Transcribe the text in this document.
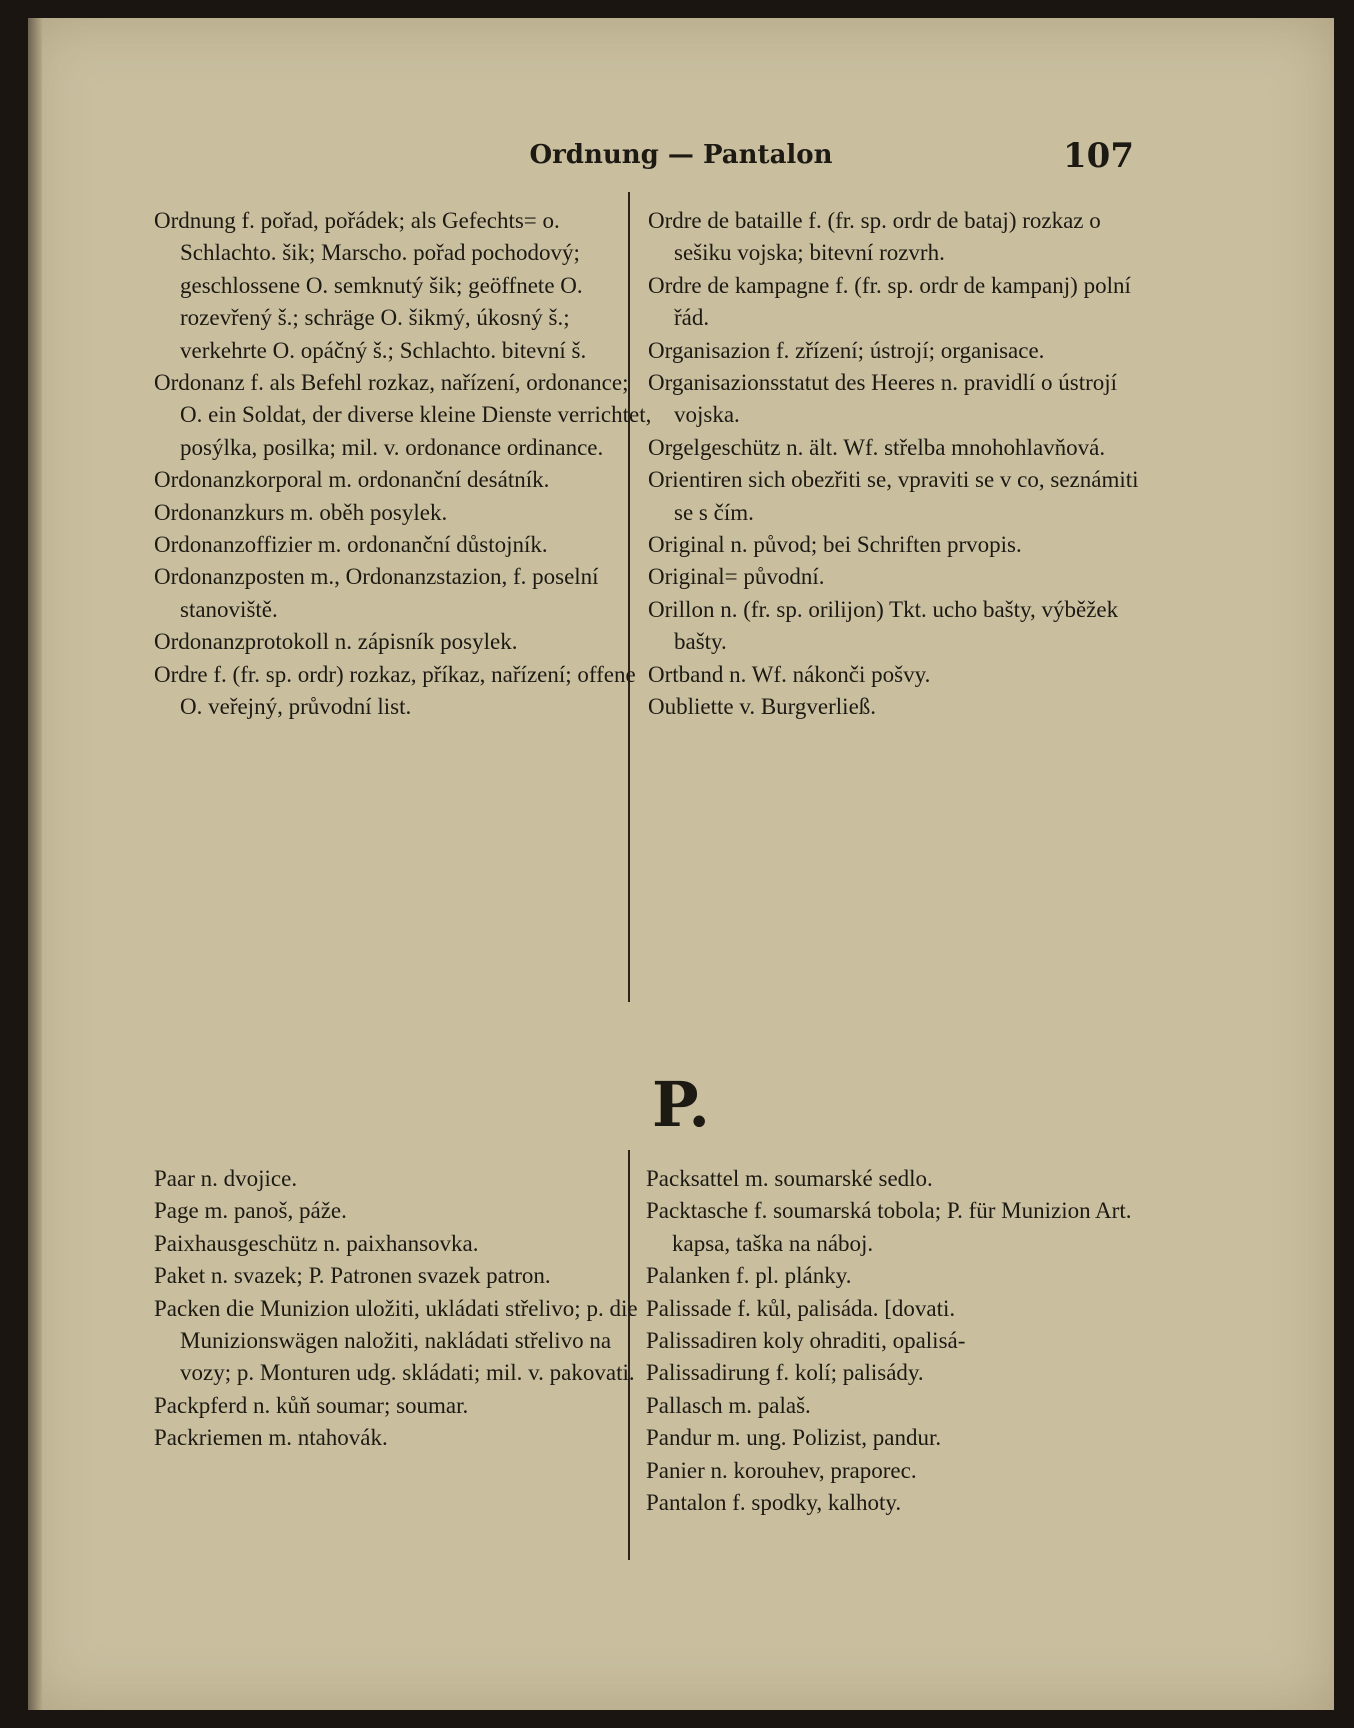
Ordnung — Pantalon	107

Ordnung f. pořad, pořádek; als Gefechts= o. Schlachto. šik; Marscho. pořad pochodový; geschlossene O. semknutý šik; geöffnete O. rozevřený š.; schräge O. šikmý, úkosný š.; verkehrte O. opáčný š.; Schlachto. bitevní š.

Ordonanz f. als Befehl rozkaz, nařízení, ordonance; O. ein Soldat, der diverse kleine Dienste verrichtet, posýlka, posilka; mil. v. ordonance ordinance.

Ordonanzkorporal m. ordonanční desátník.

Ordonanzkurs m. oběh posylek.

Ordonanzoffizier m. ordonanční důstojník.

Ordonanzposten m., Ordonanzstazion, f. poselní stanoviště.

Ordonanzprotokoll n. zápisník posylek.

Ordre f. (fr. sp. ordr) rozkaz, příkaz, nařízení; offene O. veřejný, průvodní list.

Ordre de bataille f. (fr. sp. ordr de bataj) rozkaz o sešiku vojska; bitevní rozvrh.

Ordre de kampagne f. (fr. sp. ordr de kampanj) polní řád.

Organisazion f. zřízení; ústrojí; organisace.

Organisazionsstatut des Heeres n. pravidlí o ústrojí vojska.

Orgelgeschütz n. ält. Wf. střelba mnohohlavňová.

Orientiren sich obezřiti se, vpraviti se v co, seznámiti se s čím.

Original n. původ; bei Schriften prvopis.

Original= původní.

Orillon n. (fr. sp. orilijon) Tkt. ucho bašty, výběžek bašty.

Ortband n. Wf. nákonči pošvy.

Oubliette v. Burgverließ.

P.

Paar n. dvojice.

Page m. panoš, páže.

Paixhausgeschütz n. paixhansovka.

Paket n. svazek; P. Patronen svazek patron.

Packen die Munizion uložiti, ukládati střelivo; p. die Munizionswägen naložiti, nakládati střelivo na vozy; p. Monturen udg. skládati; mil. v. pakovati.

Packpferd n. kůň soumar; soumar.

Packriemen m. ntahovák.

Packsattel m. soumarské sedlo.

Packtasche f. soumarská tobola; P. für Munizion Art. kapsa, taška na náboj.

Palanken f. pl. plánky.

Palissade f. kůl, palisáda. [dovati.

Palissadiren koly ohraditi, opalisá-

Palissadirung f. kolí; palisády.

Pallasch m. palaš.

Pandur m. ung. Polizist, pandur.

Panier n. korouhev, praporec.

Pantalon f. spodky, kalhoty.
